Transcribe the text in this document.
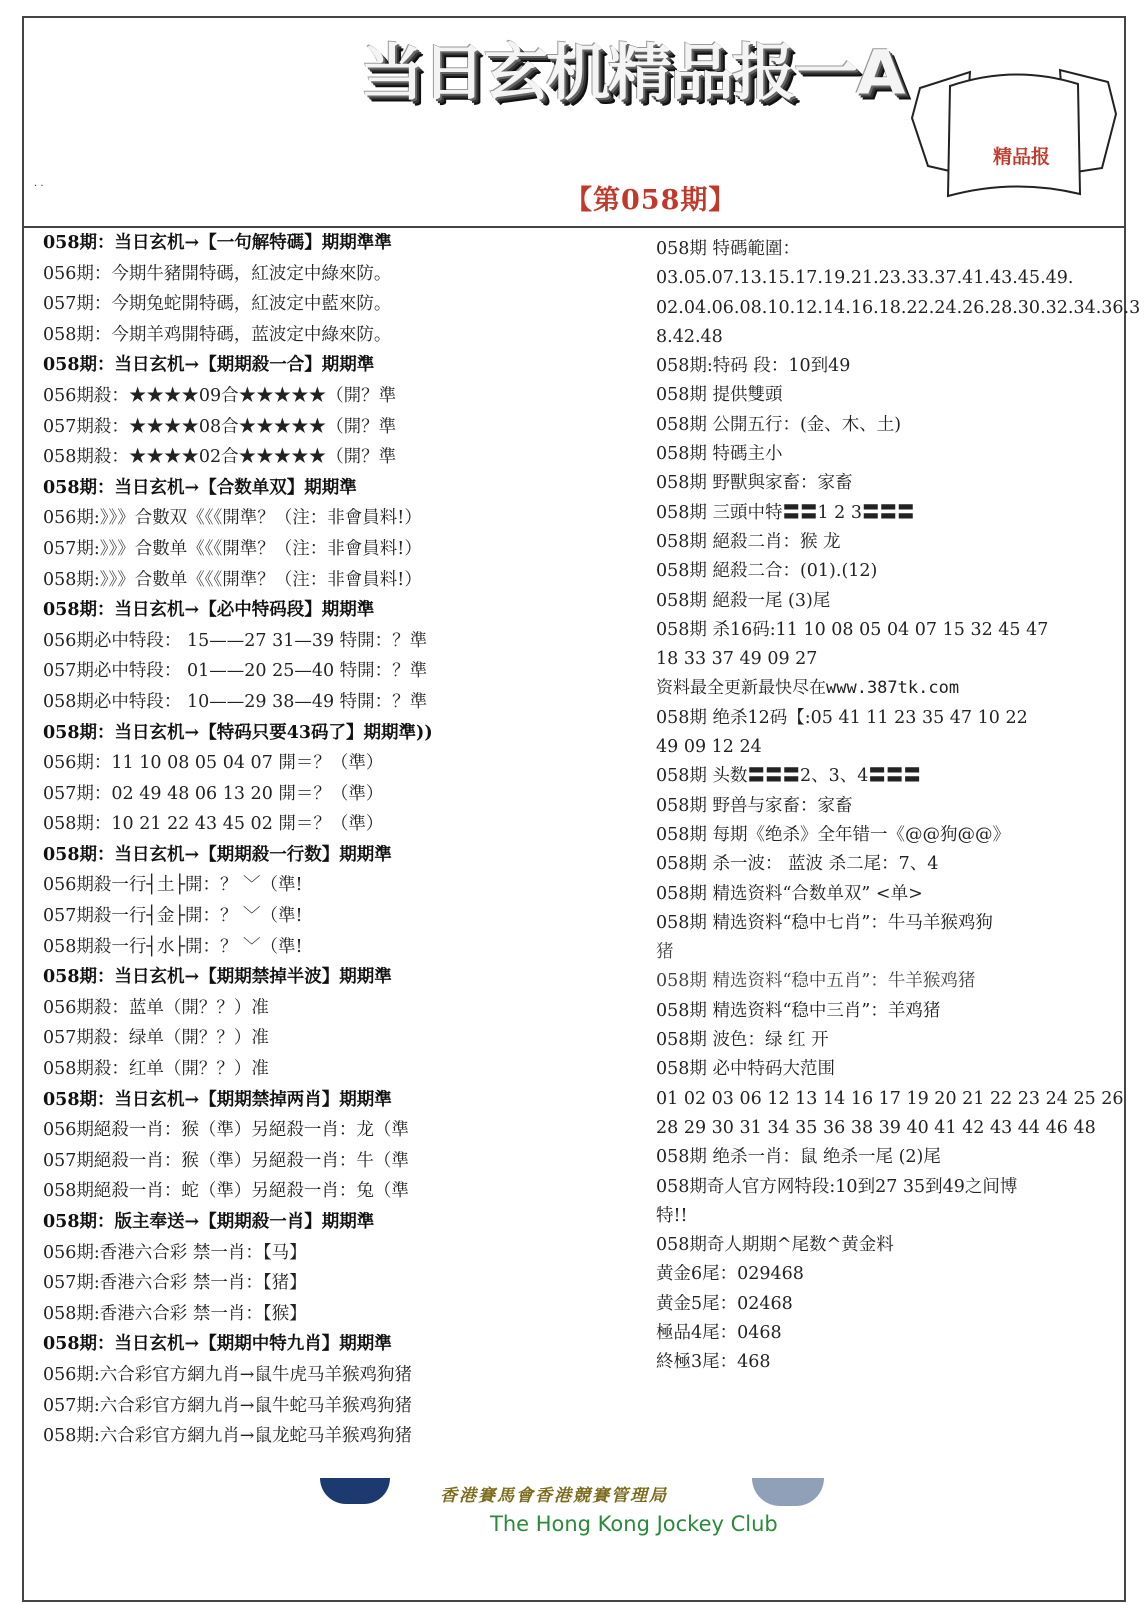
当日玄机精品报一A
. .
【第058期】
精品报
058期：当日玄机→【一句解特碼】期期準準
056期：今期牛豬開特碼，紅波定中綠來防。
057期：今期兔蛇開特碼，紅波定中藍來防。
058期：今期羊鸡開特碼，蓝波定中綠來防。
058期：当日玄机→【期期殺一合】期期準
056期殺：★★★★09合★★★★★（開？準
057期殺：★★★★08合★★★★★（開？準
058期殺：★★★★02合★★★★★（開？準
058期：当日玄机→【合数单双】期期準
056期:》》》合數双《《《開準？（注：非會員料!）
057期:》》》合數单《《《開準？（注：非會員料!）
058期:》》》合數单《《《開準？（注：非會員料!）
058期：当日玄机→【必中特码段】期期準
056期必中特段： 15——27 31—39 特開：？準
057期必中特段： 01——20 25—40 特開：？準
058期必中特段： 10——29 38—49 特開：？準
058期：当日玄机→【特码只要43码了】期期準))
056期：11 10 08 05 04 07 開＝？（準）
057期：02 49 48 06 13 20 開＝？（準）
058期：10 21 22 43 45 02 開＝？（準）
058期：当日玄机→【期期殺一行数】期期準
056期殺一行┤土├開：？ ﹀（準!
057期殺一行┤金├開：？ ﹀（準!
058期殺一行┤水├開：？ ﹀（準!
058期：当日玄机→【期期禁掉半波】期期準
056期殺：蓝单（開？？）准
057期殺：绿单（開？？）准
058期殺：红单（開？？）准
058期：当日玄机→【期期禁掉两肖】期期準
056期絕殺一肖：猴（準）另絕殺一肖：龙（準
057期絕殺一肖：猴（準）另絕殺一肖：牛（準
058期絕殺一肖：蛇（準）另絕殺一肖：兔（準
058期：版主奉送→【期期殺一肖】期期準
056期:香港六合彩 禁一肖：【马】
057期:香港六合彩 禁一肖：【猪】
058期:香港六合彩 禁一肖：【猴】
058期：当日玄机→【期期中特九肖】期期準
056期:六合彩官方網九肖→鼠牛虎马羊猴鸡狗猪
057期:六合彩官方網九肖→鼠牛蛇马羊猴鸡狗猪
058期:六合彩官方網九肖→鼠龙蛇马羊猴鸡狗猪
058期 特碼範圍：
03.05.07.13.15.17.19.21.23.33.37.41.43.45.49.
02.04.06.08.10.12.14.16.18.22.24.26.28.30.32.34.36.3
8.42.48
058期:特码 段：10到49
058期 提供雙頭
058期 公開五行：(金、木、土)
058期 特碼主小
058期 野獸與家畜：家畜
058期 三頭中特〓〓1 2 3〓〓〓
058期 絕殺二肖：猴 龙
058期 絕殺二合：(01).(12)
058期 絕殺一尾 (3)尾
058期 杀16码:11 10 08 05 04 07 15 32 45 47
18 33 37 49 09 27
资料最全更新最快尽在www.387tk.com
058期 绝杀12码【:05 41 11 23 35 47 10 22
49 09 12 24
058期 头数〓〓〓2、3、4〓〓〓
058期 野兽与家畜：家畜
058期 每期《绝杀》全年错一《@@狗@@》
058期 杀一波： 蓝波 杀二尾：7、4
058期 精选资料“合数单双” <单>
058期 精选资料“稳中七肖”：牛马羊猴鸡狗
猪
058期 精选资料“稳中五肖”：牛羊猴鸡猪
058期 精选资料“稳中三肖”：羊鸡猪
058期 波色：绿 红 开
058期 必中特码大范围
01 02 03 06 12 13 14 16 17 19 20 21 22 23 24 25 26
28 29 30 31 34 35 36 38 39 40 41 42 43 44 46 48
058期 绝杀一肖：鼠 绝杀一尾 (2)尾
058期奇人官方网特段:10到27 35到49之间博
特!!
058期奇人期期^尾数^黄金料
黄金6尾：029468
黄金5尾：02468
極品4尾：0468
終極3尾：468
香港賽馬會香港競賽管理局
The Hong Kong Jockey Club
